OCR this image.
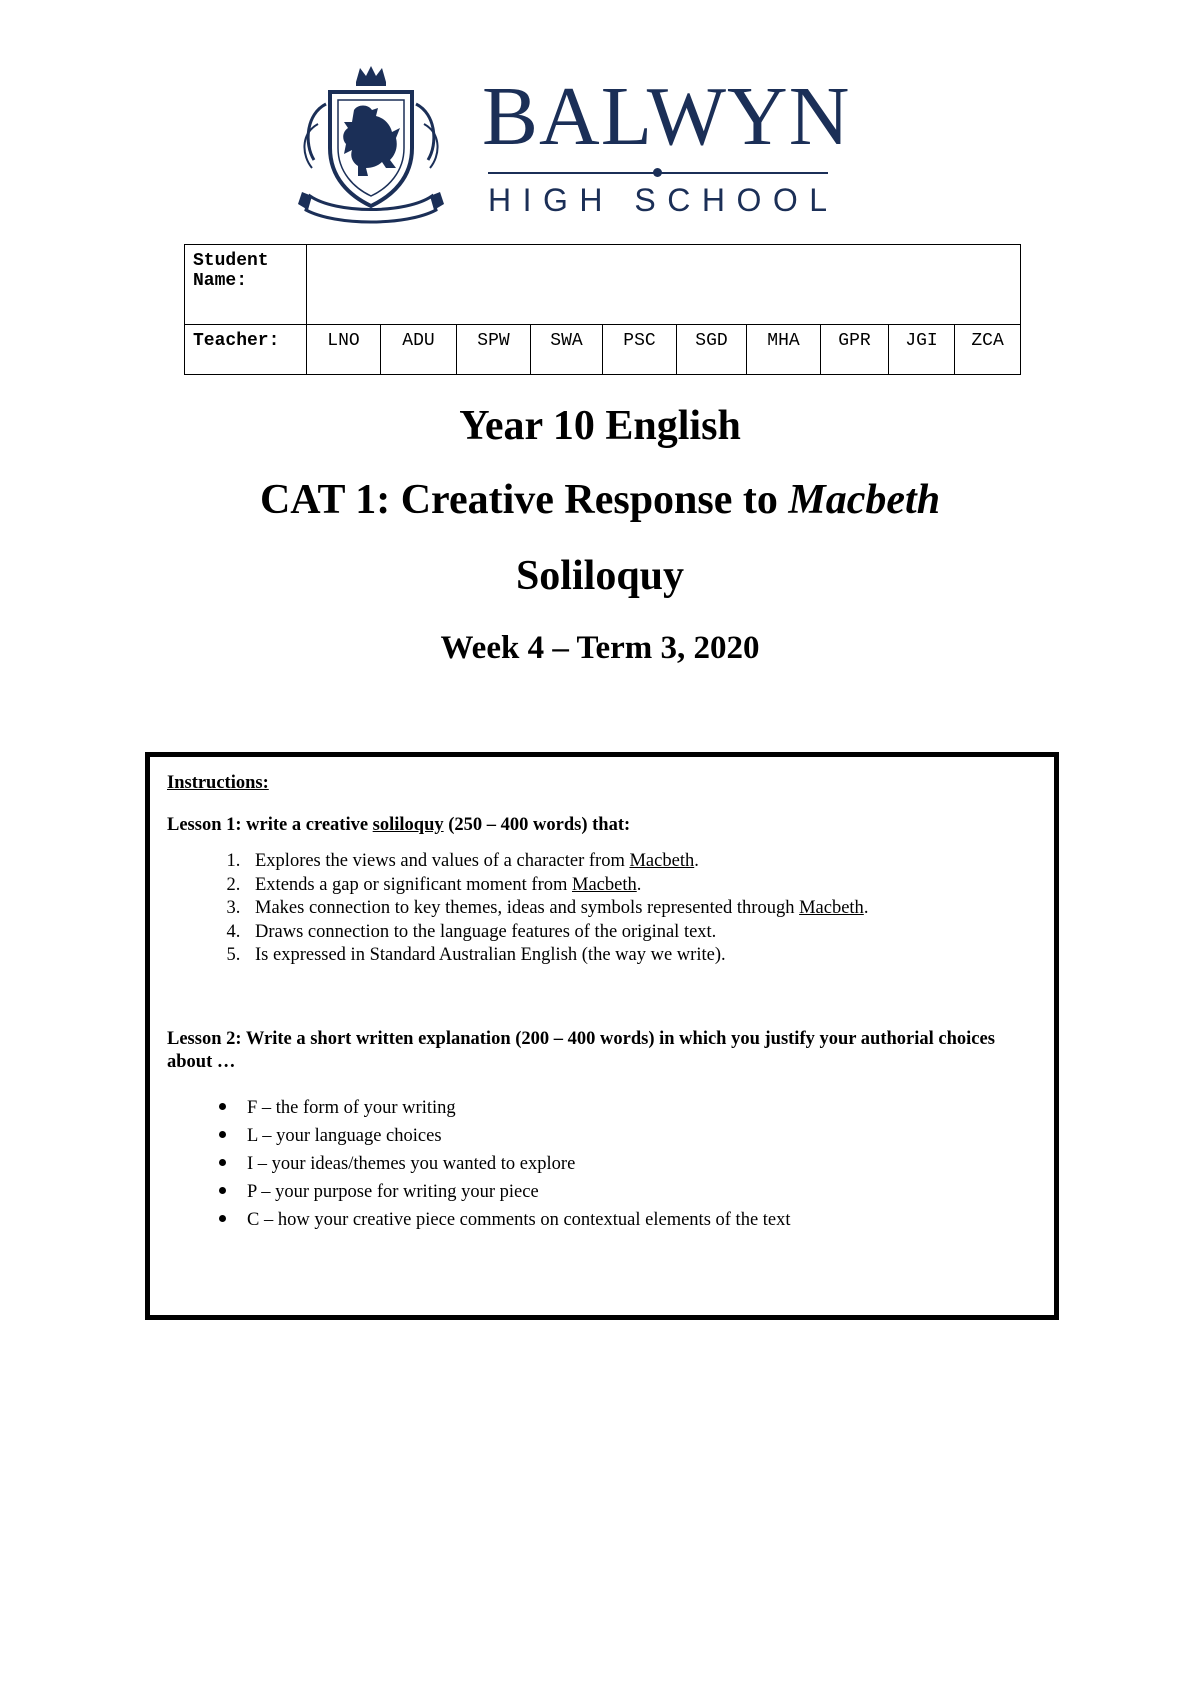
BALWYN
HIGH SCHOOL
Student Name:										
Teacher:	LNO	ADU	SPW	SWA	PSC	SGD	MHA	GPR	JGI	ZCA
Year 10 English
CAT 1: Creative Response to Macbeth
Soliloquy
Week 4 – Term 3, 2020

Instructions:

Lesson 1: write a creative soliloquy (250 – 400 words) that:

1. Explores the views and values of a character from Macbeth.
2. Extends a gap or significant moment from Macbeth.
3. Makes connection to key themes, ideas and symbols represented through Macbeth.
4. Draws connection to the language features of the original text.
5. Is expressed in Standard Australian English (the way we write).

Lesson 2: Write a short written explanation (200 – 400 words) in which you justify your authorial choices about …

• F – the form of your writing
• L – your language choices
• I – your ideas/themes you wanted to explore
• P – your purpose for writing your piece
• C – how your creative piece comments on contextual elements of the text
